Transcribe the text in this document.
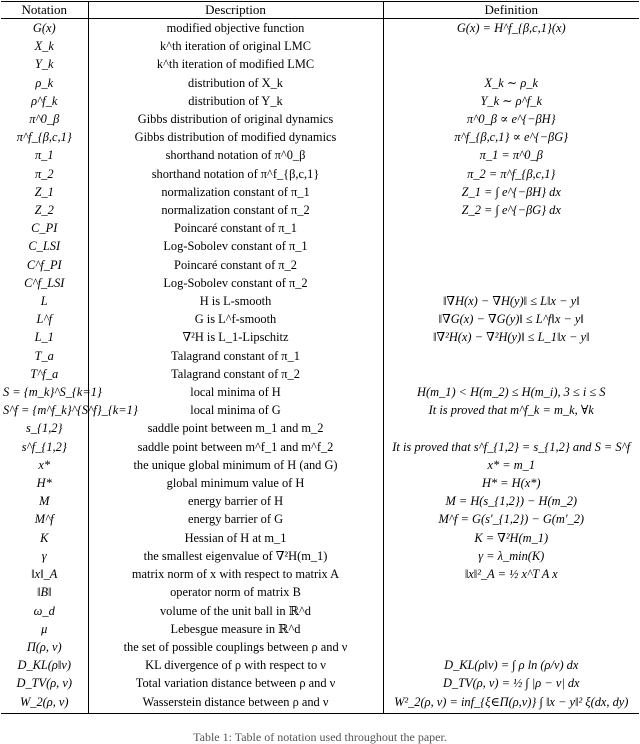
Notation	Description	Definition
G(x)	modified objective function	G(x) = H^f_{β,c,1}(x)
X_k	k^th iteration of original LMC	
Y_k	k^th iteration of modified LMC	
ρ_k	distribution of X_k	X_k ∼ ρ_k
ρ^f_k	distribution of Y_k	Y_k ∼ ρ^f_k
π^0_β	Gibbs distribution of original dynamics	π^0_β ∝ e^{−βH}
π^f_{β,c,1}	Gibbs distribution of modified dynamics	π^f_{β,c,1} ∝ e^{−βG}
π_1	shorthand notation of π^0_β	π_1 = π^0_β
π_2	shorthand notation of π^f_{β,c,1}	π_2 = π^f_{β,c,1}
Z_1	normalization constant of π_1	Z_1 = ∫ e^{−βH} dx
Z_2	normalization constant of π_2	Z_2 = ∫ e^{−βG} dx
C_PI	Poincaré constant of π_1	
C_LSI	Log-Sobolev constant of π_1	
C^f_PI	Poincaré constant of π_2	
C^f_LSI	Log-Sobolev constant of π_2	
L	H is L-smooth	‖∇H(x) − ∇H(y)‖ ≤ L‖x − y‖
L^f	G is L^f-smooth	‖∇G(x) − ∇G(y)‖ ≤ L^f‖x − y‖
L_1	∇²H is L_1-Lipschitz	‖∇²H(x) − ∇²H(y)‖ ≤ L_1‖x − y‖
T_a	Talagrand constant of π_1	
T^f_a	Talagrand constant of π_2	
S = {m_k}^S_{k=1}	local minima of H	H(m_1) < H(m_2) ≤ H(m_i), 3 ≤ i ≤ S
S^f = {m^f_k}^{S^f}_{k=1}	local minima of G	It is proved that m^f_k = m_k, ∀k
s_{1,2}	saddle point between m_1 and m_2	
s^f_{1,2}	saddle point between m^f_1 and m^f_2	It is proved that s^f_{1,2} = s_{1,2} and S = S^f
x*	the unique global minimum of H (and G)	x* = m_1
H*	global minimum value of H	H* = H(x*)
M	energy barrier of H	M = H(s_{1,2}) − H(m_2)
M^f	energy barrier of G	M^f = G(s'_{1,2}) − G(m'_2)
K	Hessian of H at m_1	K = ∇²H(m_1)
γ	the smallest eigenvalue of ∇²H(m_1)	γ = λ_min(K)
‖x‖_A	matrix norm of x with respect to matrix A	‖x‖²_A = ½ x^T A x
‖B‖	operator norm of matrix B	
ω_d	volume of the unit ball in ℝ^d	
μ	Lebesgue measure in ℝ^d	
Π(ρ, ν)	the set of possible couplings between ρ and ν	
D_KL(ρ‖ν)	KL divergence of ρ with respect to ν	D_KL(ρ‖ν) = ∫ ρ ln (ρ/ν) dx
D_TV(ρ, ν)	Total variation distance between ρ and ν	D_TV(ρ, ν) = ½ ∫ |ρ − ν| dx
W_2(ρ, ν)	Wasserstein distance between ρ and ν	W²_2(ρ, ν) = inf_{ξ∈Π(ρ,ν)} ∫ ‖x − y‖² ξ(dx, dy)
Table 1: Table of notation used throughout the paper.
